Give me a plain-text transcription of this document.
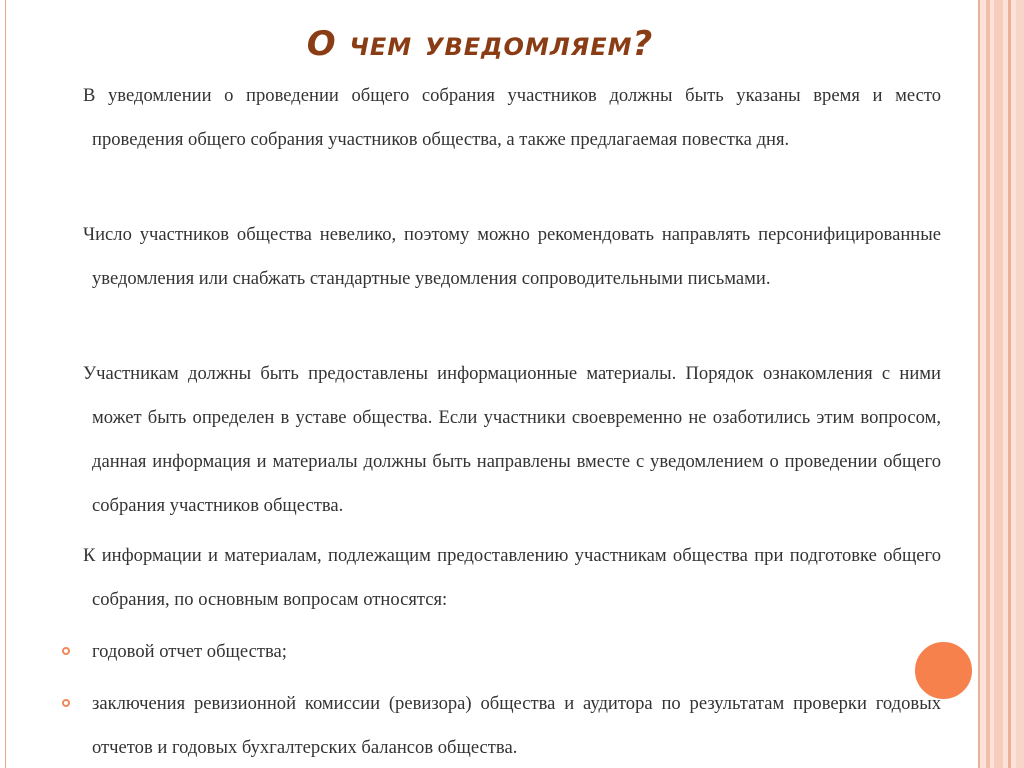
О чем уведомляем?

В уведомлении о проведении общего собрания участников должны быть указаны время и место проведения общего собрания участников общества, а также предлагаемая повестка дня.

Число участников общества невелико, поэтому можно рекомендовать направлять персонифицированные уведомления или снабжать стандартные уведомления сопроводительными письмами.

Участникам должны быть предоставлены информационные материалы. Порядок ознакомления с ними может быть определен в уставе общества. Если участники своевременно не озаботились этим вопросом, данная информация и материалы должны быть направлены вместе с уведомлением о проведении общего собрания участников общества.

К информации и материалам, подлежащим предоставлению участникам общества при подготовке общего собрания, по основным вопросам относятся:

годовой отчет общества;
заключения ревизионной комиссии (ревизора) общества и аудитора по результатам проверки годовых отчетов и годовых бухгалтерских балансов общества.
